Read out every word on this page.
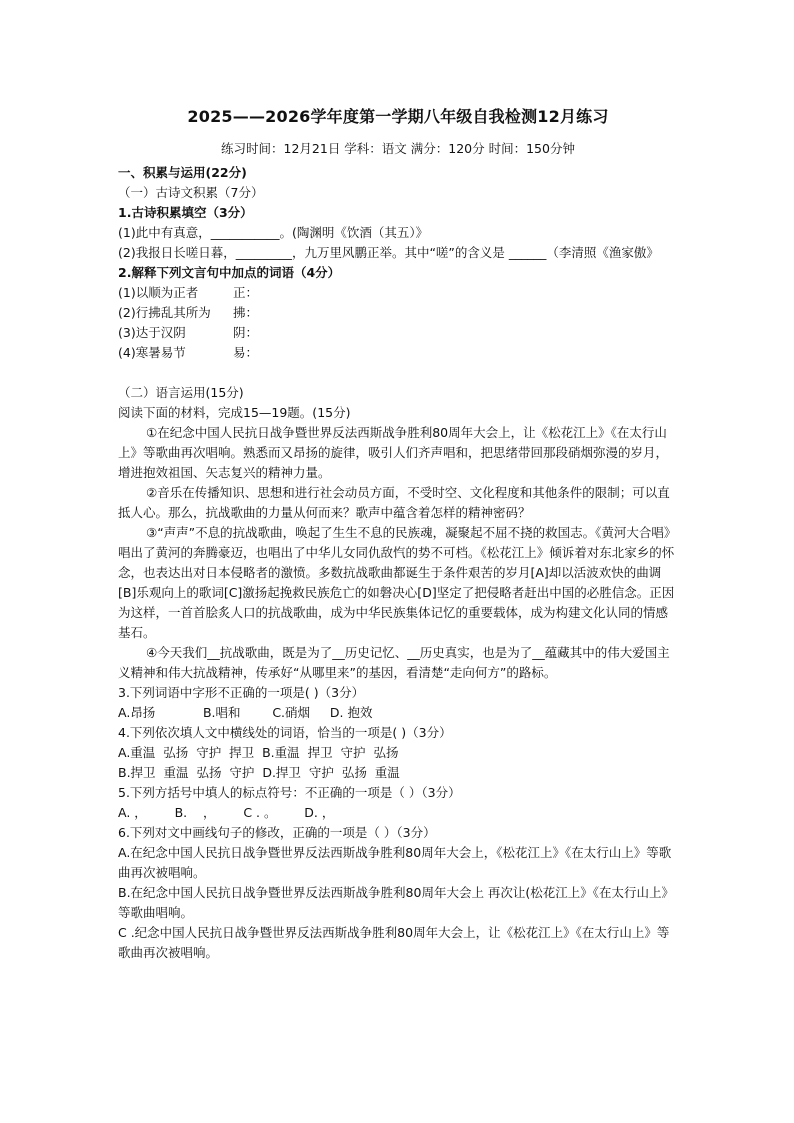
2025——2026学年度第一学期八年级自我检测12月练习
练习时间：12月21日 学科：语文 满分：120分 时间：150分钟

一、积累与运用(22分)

（一）古诗文积累（7分）

1.古诗积累填空（3分）

(1)此中有真意，___________。(陶渊明《饮酒（其五）》

(2)我报日长嗟日暮，_________，九万里风鹏正举。其中“嗟”的含义是 ______（李清照《渔家傲》

2.解释下列文言句中加点的词语（4分）

(1)以顺为正者	正：
(2)行拂乱其所为	拂：
(3)达于汉阴	阴：
(4)寒暑易节	易：

（二）语言运用(15分)

阅读下面的材料，完成15—19题。(15分)

①在纪念中国人民抗日战争暨世界反法西斯战争胜利80周年大会上，让《松花江上》《在太行山上》等歌曲再次唱响。熟悉而又昂扬的旋律，吸引人们齐声唱和，把思绪带回那段硝烟弥漫的岁月，增进抱效祖国、矢志复兴的精神力量。

②音乐在传播知识、思想和进行社会动员方面，不受时空、文化程度和其他条件的限制；可以直抵人心。那么，抗战歌曲的力量从何而来？歌声中蕴含着怎样的精神密码？

③“声声”不息的抗战歌曲，唤起了生生不息的民族魂，凝聚起不屈不挠的救国志。《黄河大合唱》唱出了黄河的奔腾豪迈，也唱出了中华儿女同仇敌忾的势不可档。《松花江上》倾诉着对东北家乡的怀念，也表达出对日本侵略者的激愤。多数抗战歌曲都诞生于条件艰苦的岁月[A]却以活波欢快的曲调[B]乐观向上的歌词[C]激扬起挽救民族危亡的如磐决心[D]坚定了把侵略者赶出中国的必胜信念。正因为这样，一首首脍炙人口的抗战歌曲，成为中华民族集体记忆的重要载体，成为构建文化认同的情感基石。

④今天我们__抗战歌曲，既是为了__历史记忆、__历史真实，也是为了__蕴藏其中的伟大爱国主义精神和伟大抗战精神，传承好“从哪里来”的基因，看清楚“走向何方”的路标。

3.下列词语中字形不正确的一项是( )（3分）

A.昂扬            B.唱和        C.硝烟     D. 抱效

4.下列依次填人文中横线处的词语，恰当的一项是( )（3分）

A.重温  弘扬  守护  捍卫  B.重温  捍卫  守护  弘扬

B.捍卫  重温  弘扬  守护  D.捍卫  守护  弘扬  重温

5.下列方括号中填人的标点符号：不正确的一项是（ ）（3分）

A. ，       B.    ，       C . 。       D. ，

6.下列对文中画线句子的修改，正确的一项是（ ）（3分）

A.在纪念中国人民抗日战争暨世界反法西斯战争胜利80周年大会上，《松花江上》《在太行山上》等歌曲再次被唱响。

B.在纪念中国人民抗日战争暨世界反法西斯战争胜利80周年大会上 再次让(松花江上》《在太行山上》等歌曲唱响。

C .纪念中国人民抗日战争暨世界反法西斯战争胜利80周年大会上，让《松花江上》《在太行山上》等歌曲再次被唱响。
